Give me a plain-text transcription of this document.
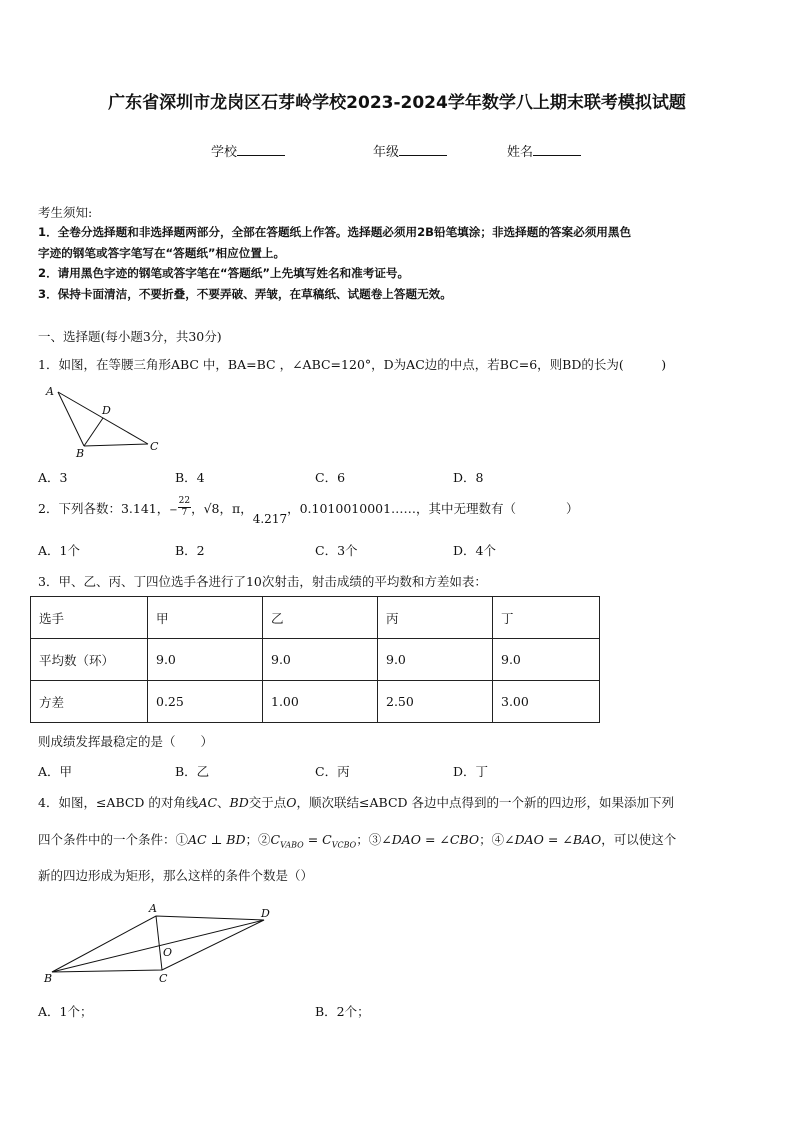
广东省深圳市龙岗区石芽岭学校2023-2024学年数学八上期末联考模拟试题
学校	年级	姓名
考生须知:
1．全卷分选择题和非选择题两部分，全部在答题纸上作答。选择题必须用2B铅笔填涂；非选择题的答案必须用黑色
字迹的钢笔或答字笔写在“答题纸”相应位置上。
2．请用黑色字迹的钢笔或答字笔在“答题纸”上先填写姓名和准考证号。
3．保持卡面清洁，不要折叠，不要弄破、弄皱，在草稿纸、试题卷上答题无效。
一、选择题(每小题3分，共30分)
1．如图，在等腰三角形ABC 中，BA=BC ，∠ABC=120°，D为AC边的中点，若BC=6，则BD的长为(　　　)
A
D
B
C
A．3	B．4	C．6	D．8
2．下列各数：3.141，− $\frac{22}{7}$ ，√8，π，4.217，0.1010010001……，其中无理数有（　　　　）
A．1个	B．2	C．3个	D．4个
3．甲、乙、丙、丁四位选手各进行了10次射击，射击成绩的平均数和方差如表：
选手	甲	乙	丙	丁
平均数（环）	9.0	9.0	9.0	9.0
方差	0.25	1.00	2.50	3.00
则成绩发挥最稳定的是（　　）
A．甲	B．乙	C．丙	D．丁
4．如图，≤ABCD 的对角线AC、BD交于点O，顺次联结≤ABCD 各边中点得到的一个新的四边形，如果添加下列
四个条件中的一个条件：①AC ⊥ BD；$②C_{VABO} = C_{VCBO}$；③∠DAO = ∠CBO；④∠DAO = ∠BAO，可以使这个
新的四边形成为矩形，那么这样的条件个数是（）
A	D
O
B	C
A．1个；	B．2个；
